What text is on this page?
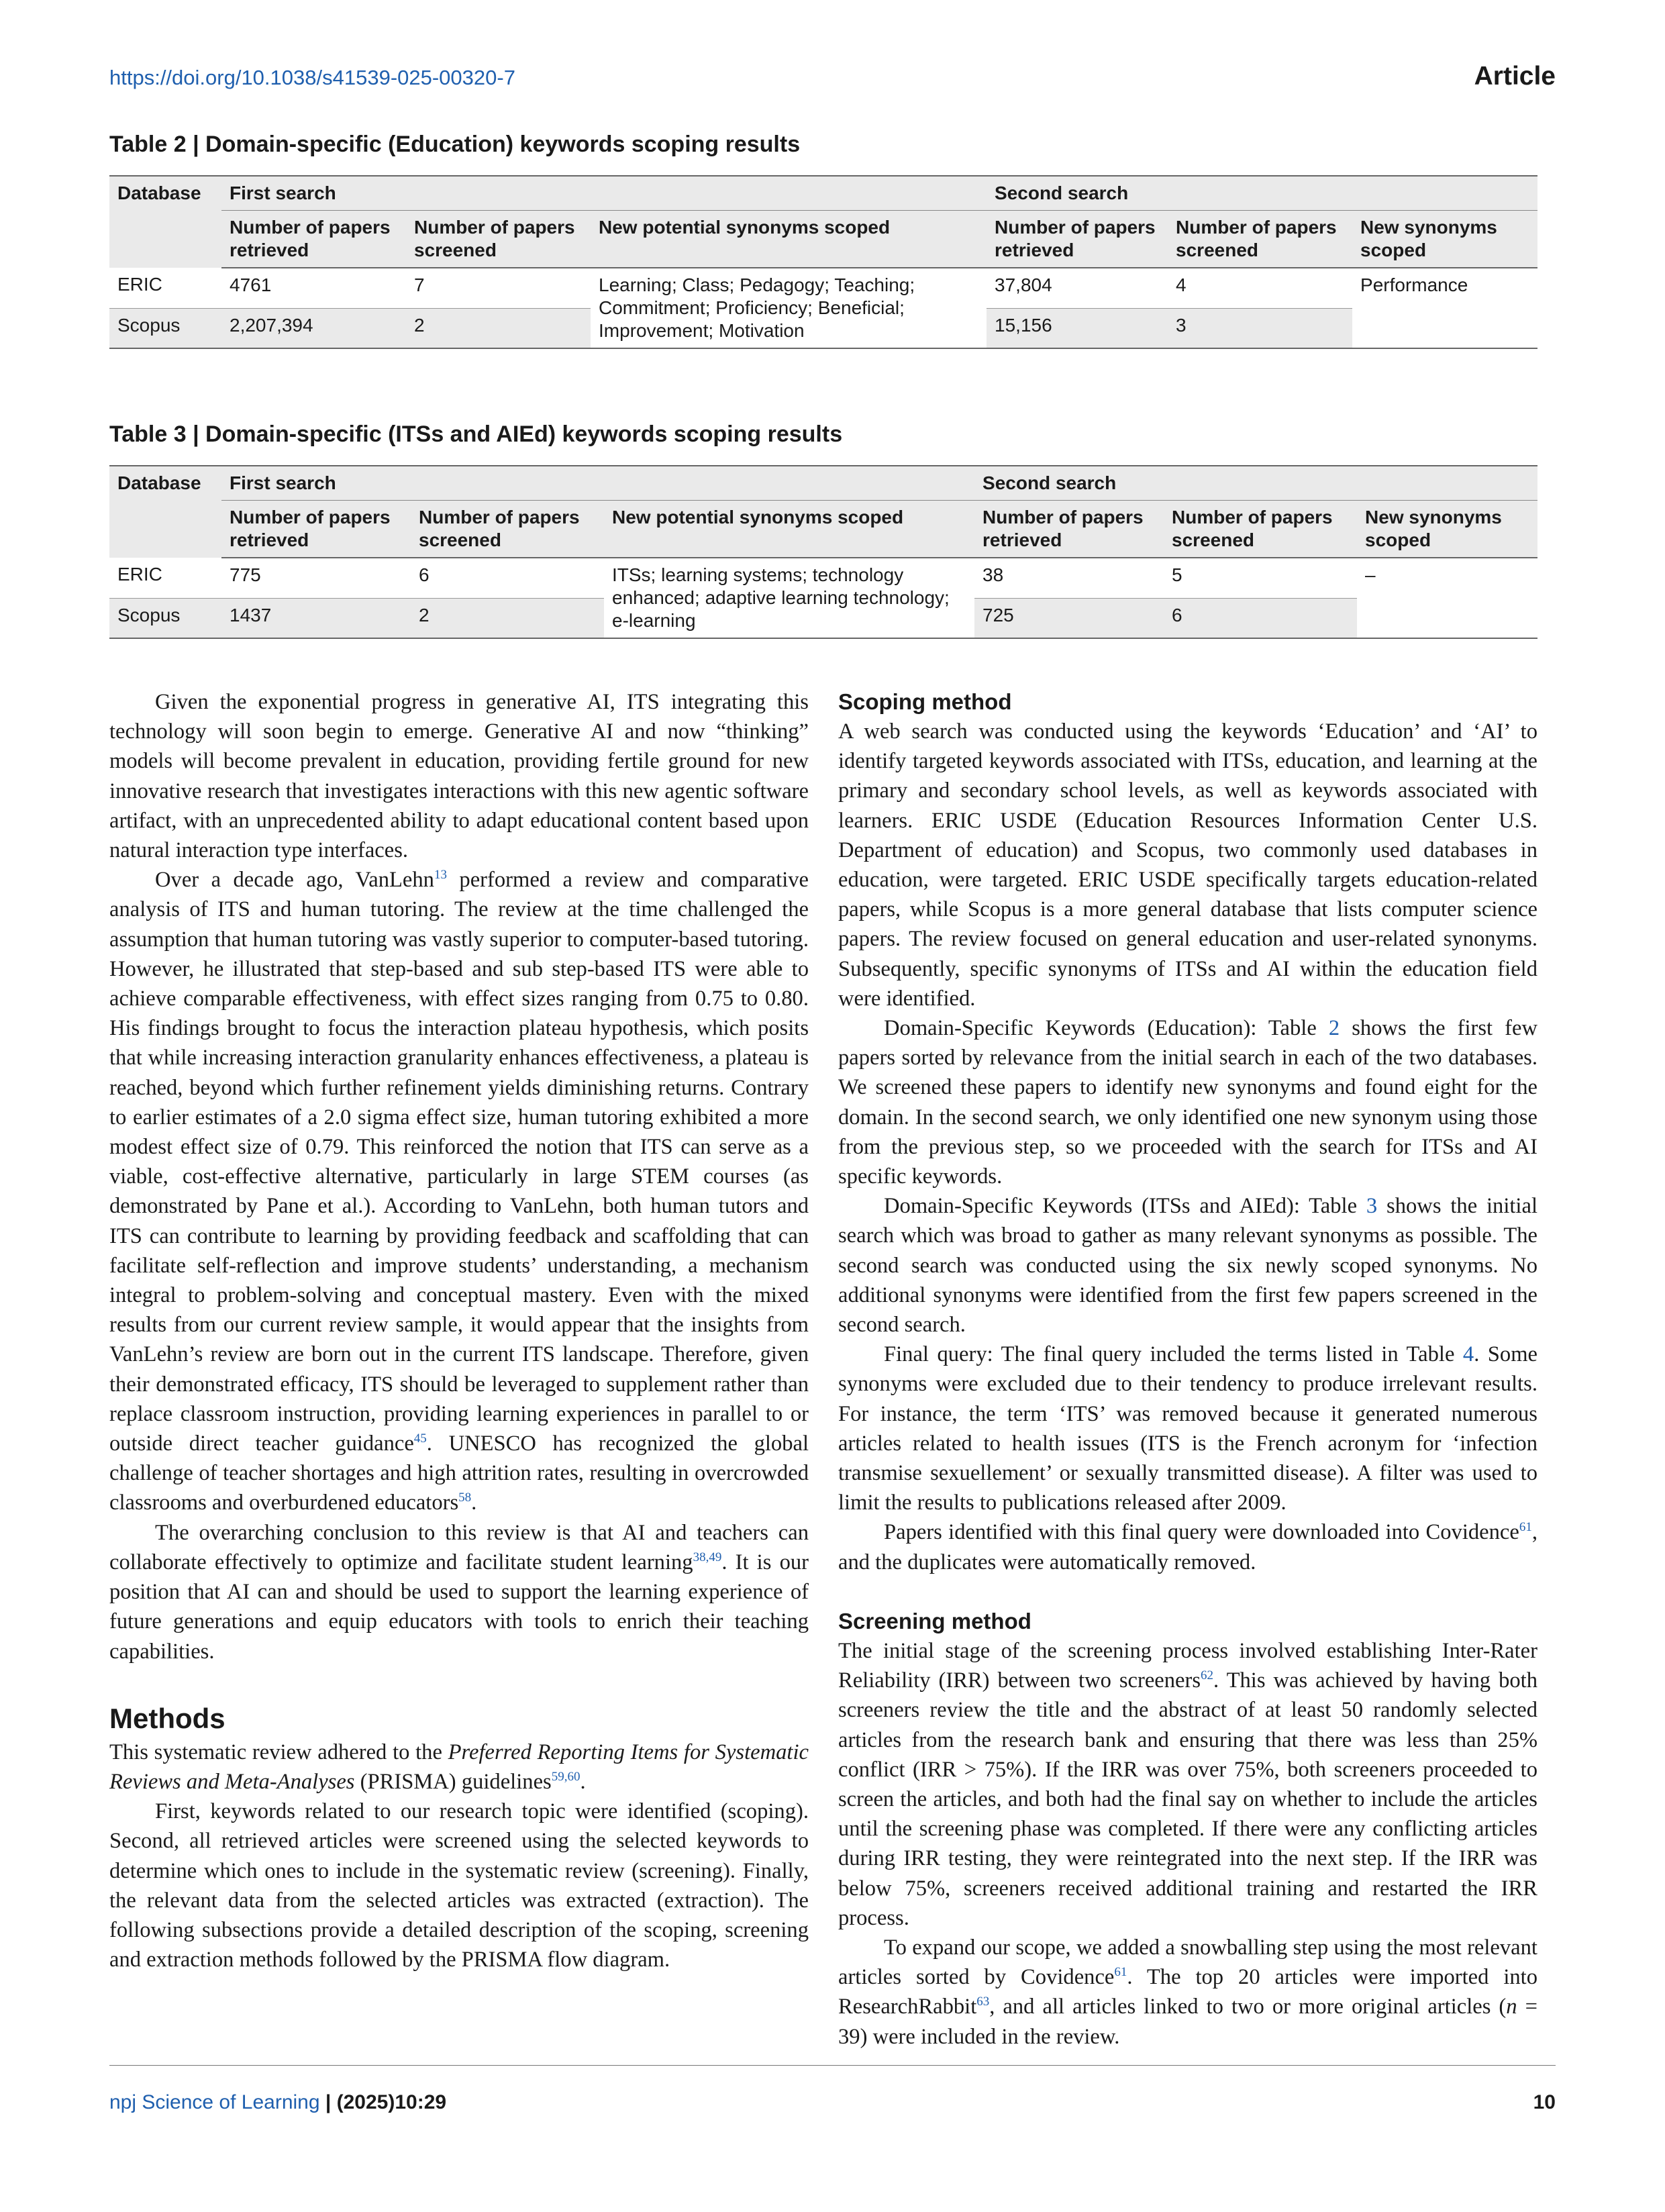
https://doi.org/10.1038/s41539-025-00320-7	Article
Table 2 | Domain-specific (Education) keywords scoping results
Database	First search			Second search		
	Number of papers retrieved	Number of papers screened	New potential synonyms scoped	Number of papers retrieved	Number of papers screened	New synonyms scoped
ERIC	4761	7	Learning; Class; Pedagogy; Teaching; Commitment; Proficiency; Beneficial; Improvement; Motivation	37,804	4	Performance
Scopus	2,207,394	2		15,156	3	
Table 3 | Domain-specific (ITSs and AIEd) keywords scoping results
Database	First search			Second search		
	Number of papers retrieved	Number of papers screened	New potential synonyms scoped	Number of papers retrieved	Number of papers screened	New synonyms scoped
ERIC	775	6	ITSs; learning systems; technology enhanced; adaptive learning technology; e-learning	38	5	–
Scopus	1437	2		725	6	

Given the exponential progress in generative AI, ITS integrating this technology will soon begin to emerge. Generative AI and now “thinking” models will become prevalent in education, providing fertile ground for new innovative research that investigates interactions with this new agentic software artifact, with an unprecedented ability to adapt educational content based upon natural interaction type interfaces.

Over a decade ago, VanLehn$^{13}$ performed a review and comparative analysis of ITS and human tutoring. The review at the time challenged the assumption that human tutoring was vastly superior to computer-based tutoring. However, he illustrated that step-based and sub step-based ITS were able to achieve comparable effectiveness, with effect sizes ranging from 0.75 to 0.80. His findings brought to focus the interaction plateau hypothesis, which posits that while increasing interaction granularity enhances effectiveness, a plateau is reached, beyond which further refinement yields diminishing returns. Contrary to earlier estimates of a 2.0 sigma effect size, human tutoring exhibited a more modest effect size of 0.79. This reinforced the notion that ITS can serve as a viable, cost-effective alternative, particularly in large STEM courses (as demonstrated by Pane et al.). According to VanLehn, both human tutors and ITS can contribute to learning by providing feedback and scaffolding that can facilitate self-reflection and improve students’ understanding, a mechanism integral to problem-solving and conceptual mastery. Even with the mixed results from our current review sample, it would appear that the insights from VanLehn’s review are born out in the current ITS landscape. Therefore, given their demonstrated efficacy, ITS should be leveraged to supplement rather than replace classroom instruction, providing learning experiences in parallel to or outside direct teacher guidance$^{45}$. UNESCO has recognized the global challenge of teacher shortages and high attrition rates, resulting in overcrowded classrooms and overburdened educators$^{58}$.

The overarching conclusion to this review is that AI and teachers can collaborate effectively to optimize and facilitate student learning$^{38,49}$. It is our position that AI can and should be used to support the learning experience of future generations and equip educators with tools to enrich their teaching capabilities.

Methods

This systematic review adhered to the Preferred Reporting Items for Systematic Reviews and Meta-Analyses (PRISMA) guidelines$^{59,60}$.

First, keywords related to our research topic were identified (scoping). Second, all retrieved articles were screened using the selected keywords to determine which ones to include in the systematic review (screening). Finally, the relevant data from the selected articles was extracted (extraction). The following subsections provide a detailed description of the scoping, screening and extraction methods followed by the PRISMA flow diagram.

Scoping method

A web search was conducted using the keywords ‘Education’ and ‘AI’ to identify targeted keywords associated with ITSs, education, and learning at the primary and secondary school levels, as well as keywords associated with learners. ERIC USDE (Education Resources Information Center U.S. Department of education) and Scopus, two commonly used databases in education, were targeted. ERIC USDE specifically targets education-related papers, while Scopus is a more general database that lists computer science papers. The review focused on general education and user-related synonyms. Subsequently, specific synonyms of ITSs and AI within the education field were identified.

Domain-Specific Keywords (Education): Table 2 shows the first few papers sorted by relevance from the initial search in each of the two databases. We screened these papers to identify new synonyms and found eight for the domain. In the second search, we only identified one new synonym using those from the previous step, so we proceeded with the search for ITSs and AI specific keywords.

Domain-Specific Keywords (ITSs and AIEd): Table 3 shows the initial search which was broad to gather as many relevant synonyms as possible. The second search was conducted using the six newly scoped synonyms. No additional synonyms were identified from the first few papers screened in the second search.

Final query: The final query included the terms listed in Table 4. Some synonyms were excluded due to their tendency to produce irrelevant results. For instance, the term ‘ITS’ was removed because it generated numerous articles related to health issues (ITS is the French acronym for ‘infection transmise sexuellement’ or sexually transmitted disease). A filter was used to limit the results to publications released after 2009.

Papers identified with this final query were downloaded into Covidence$^{61}$, and the duplicates were automatically removed.

Screening method

The initial stage of the screening process involved establishing Inter-Rater Reliability (IRR) between two screeners$^{62}$. This was achieved by having both screeners review the title and the abstract of at least 50 randomly selected articles from the research bank and ensuring that there was less than 25% conflict (IRR > 75%). If the IRR was over 75%, both screeners proceeded to screen the articles, and both had the final say on whether to include the articles until the screening phase was completed. If there were any conflicting articles during IRR testing, they were reintegrated into the next step. If the IRR was below 75%, screeners received additional training and restarted the IRR process.

To expand our scope, we added a snowballing step using the most relevant articles sorted by Covidence$^{61}$. The top 20 articles were imported into ResearchRabbit$^{63}$, and all articles linked to two or more original articles (n = 39) were included in the review.

npj Science of Learning | (2025)10:29	10
